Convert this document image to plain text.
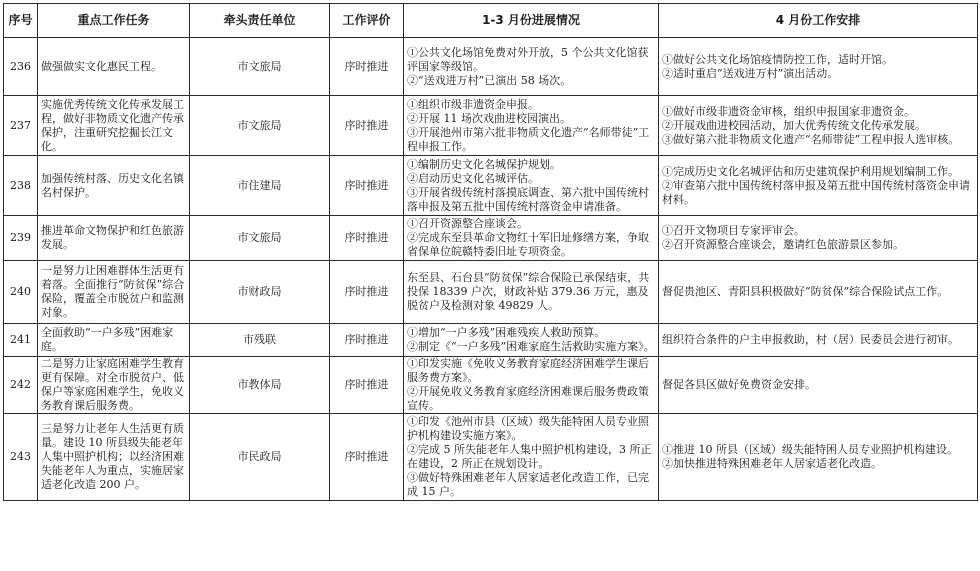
序号	重点工作任务	牵头责任单位	工作评价	1-3 月份进展情况	4 月份工作安排
236	做强做实文化惠民工程。	市文旅局	序时推进	①公共文化场馆免费对外开放，5 个公共文化馆获评国家等级馆。
②“送戏进万村”已演出 58 场次。	①做好公共文化场馆疫情防控工作，适时开馆。
②适时重启“送戏进万村”演出活动。

237	实施优秀传统文化传承发展工程，做好非物质文化遗产传承保护，注重研究挖掘长江文化。	市文旅局	序时推进	①组织市级非遗资金申报。
②开展 11 场次戏曲进校园演出。
③开展池州市第六批非物质文化遗产“名师带徒”工程申报工作。	①做好市级非遗资金审核，组织申报国家非遗资金。
②开展戏曲进校园活动，加大优秀传统文化传承发展。
③做好第六批非物质文化遗产“名师带徒”工程申报人选审核。

238	加强传统村落、历史文化名镇名村保护。	市住建局	序时推进	①编制历史文化名城保护规划。
②启动历史文化名城评估。
③开展省级传统村落摸底调查、第六批中国传统村落申报及第五批中国传统村落资金申请准备。	①完成历史文化名城评估和历史建筑保护利用规划编制工作。
②审查第六批中国传统村落申报及第五批中国传统村落资金申请材料。

239	推进革命文物保护和红色旅游发展。	市文旅局	序时推进	①召开资源整合座谈会。
②完成东至县革命文物红十军旧址修缮方案，争取省保单位皖赣特委旧址专项资金。	①召开文物项目专家评审会。
②召开资源整合座谈会，邀请红色旅游景区参加。

240	一是努力让困难群体生活更有着落。全面推行“防贫保”综合保险，覆盖全市脱贫户和监测对象。	市财政局	序时推进	东至县、石台县“防贫保”综合保险已承保结束，共投保 18339 户次，财政补贴 379.36 万元，惠及脱贫户及检测对象 49829 人。	督促贵池区、青阳县积极做好“防贫保”综合保险试点工作。

241	全面救助“一户多残”困难家庭。	市残联	序时推进	①增加“一户多残”困难残疾人救助预算。
②制定《“一户多残”困难家庭生活救助实施方案》。	组织符合条件的户主申报救助，村（居）民委员会进行初审。

242	二是努力让家庭困难学生教育更有保障。对全市脱贫户、低保户等家庭困难学生，免收义务教育课后服务费。	市教体局	序时推进	①印发实施《免收义务教育家庭经济困难学生课后服务费方案》。
②开展免收义务教育家庭经济困难课后服务费政策宣传。	督促各县区做好免费资金安排。

243	三是努力让老年人生活更有质量。建设 10 所县级失能老年人集中照护机构；以经济困难失能老年人为重点，实施居家适老化改造 200 户。	市民政局	序时推进	①印发《池州市县（区域）级失能特困人员专业照护机构建设实施方案》。
②完成 5 所失能老年人集中照护机构建设，3 所正在建设，2 所正在规划设计。
③做好特殊困难老年人居家适老化改造工作，已完成 15 户。	①推进 10 所县（区域）级失能特困人员专业照护机构建设。
②加快推进特殊困难老年人居家适老化改造。
